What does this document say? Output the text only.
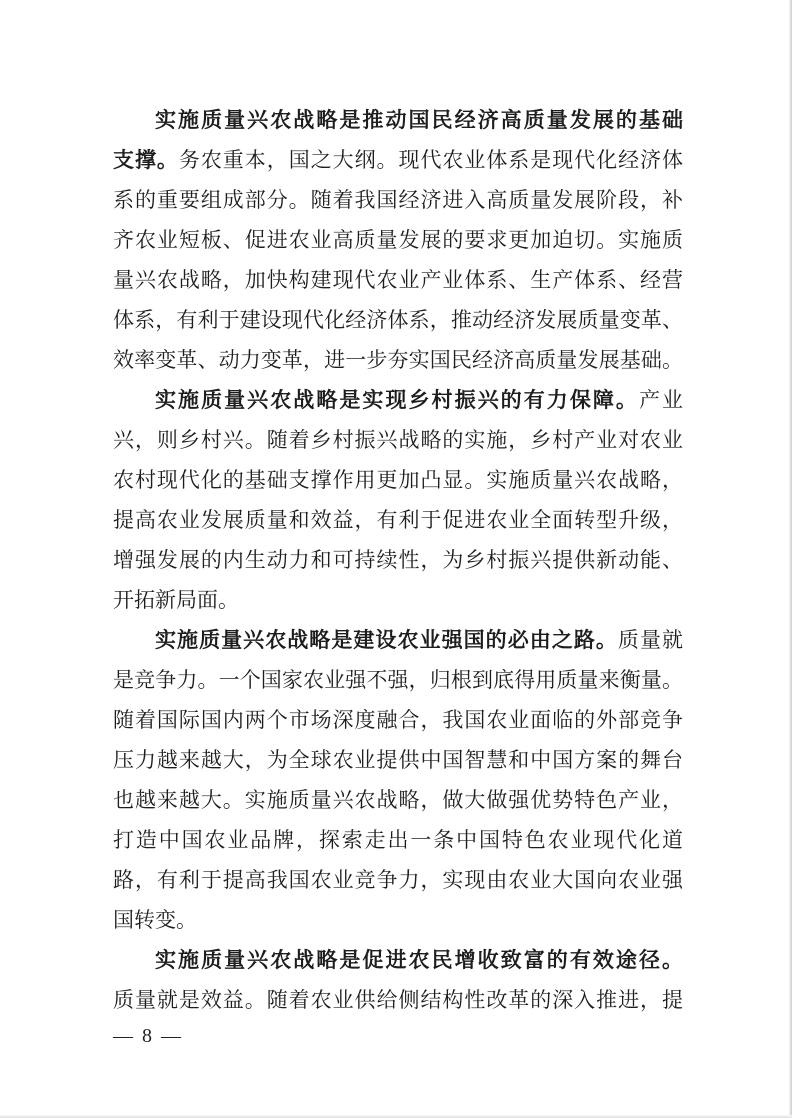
实施质量兴农战略是推动国民经济高质量发展的基础
支撑。务农重本，国之大纲。现代农业体系是现代化经济体
系的重要组成部分。随着我国经济进入高质量发展阶段，补
齐农业短板、促进农业高质量发展的要求更加迫切。实施质
量兴农战略，加快构建现代农业产业体系、生产体系、经营
体系，有利于建设现代化经济体系，推动经济发展质量变革、
效率变革、动力变革，进一步夯实国民经济高质量发展基础。
实施质量兴农战略是实现乡村振兴的有力保障。产业
兴，则乡村兴。随着乡村振兴战略的实施，乡村产业对农业
农村现代化的基础支撑作用更加凸显。实施质量兴农战略，
提高农业发展质量和效益，有利于促进农业全面转型升级，
增强发展的内生动力和可持续性，为乡村振兴提供新动能、
开拓新局面。
实施质量兴农战略是建设农业强国的必由之路。质量就
是竞争力。一个国家农业强不强，归根到底得用质量来衡量。
随着国际国内两个市场深度融合，我国农业面临的外部竞争
压力越来越大，为全球农业提供中国智慧和中国方案的舞台
也越来越大。实施质量兴农战略，做大做强优势特色产业，
打造中国农业品牌，探索走出一条中国特色农业现代化道
路，有利于提高我国农业竞争力，实现由农业大国向农业强
国转变。
实施质量兴农战略是促进农民增收致富的有效途径。
质量就是效益。随着农业供给侧结构性改革的深入推进，提
— 8 —
